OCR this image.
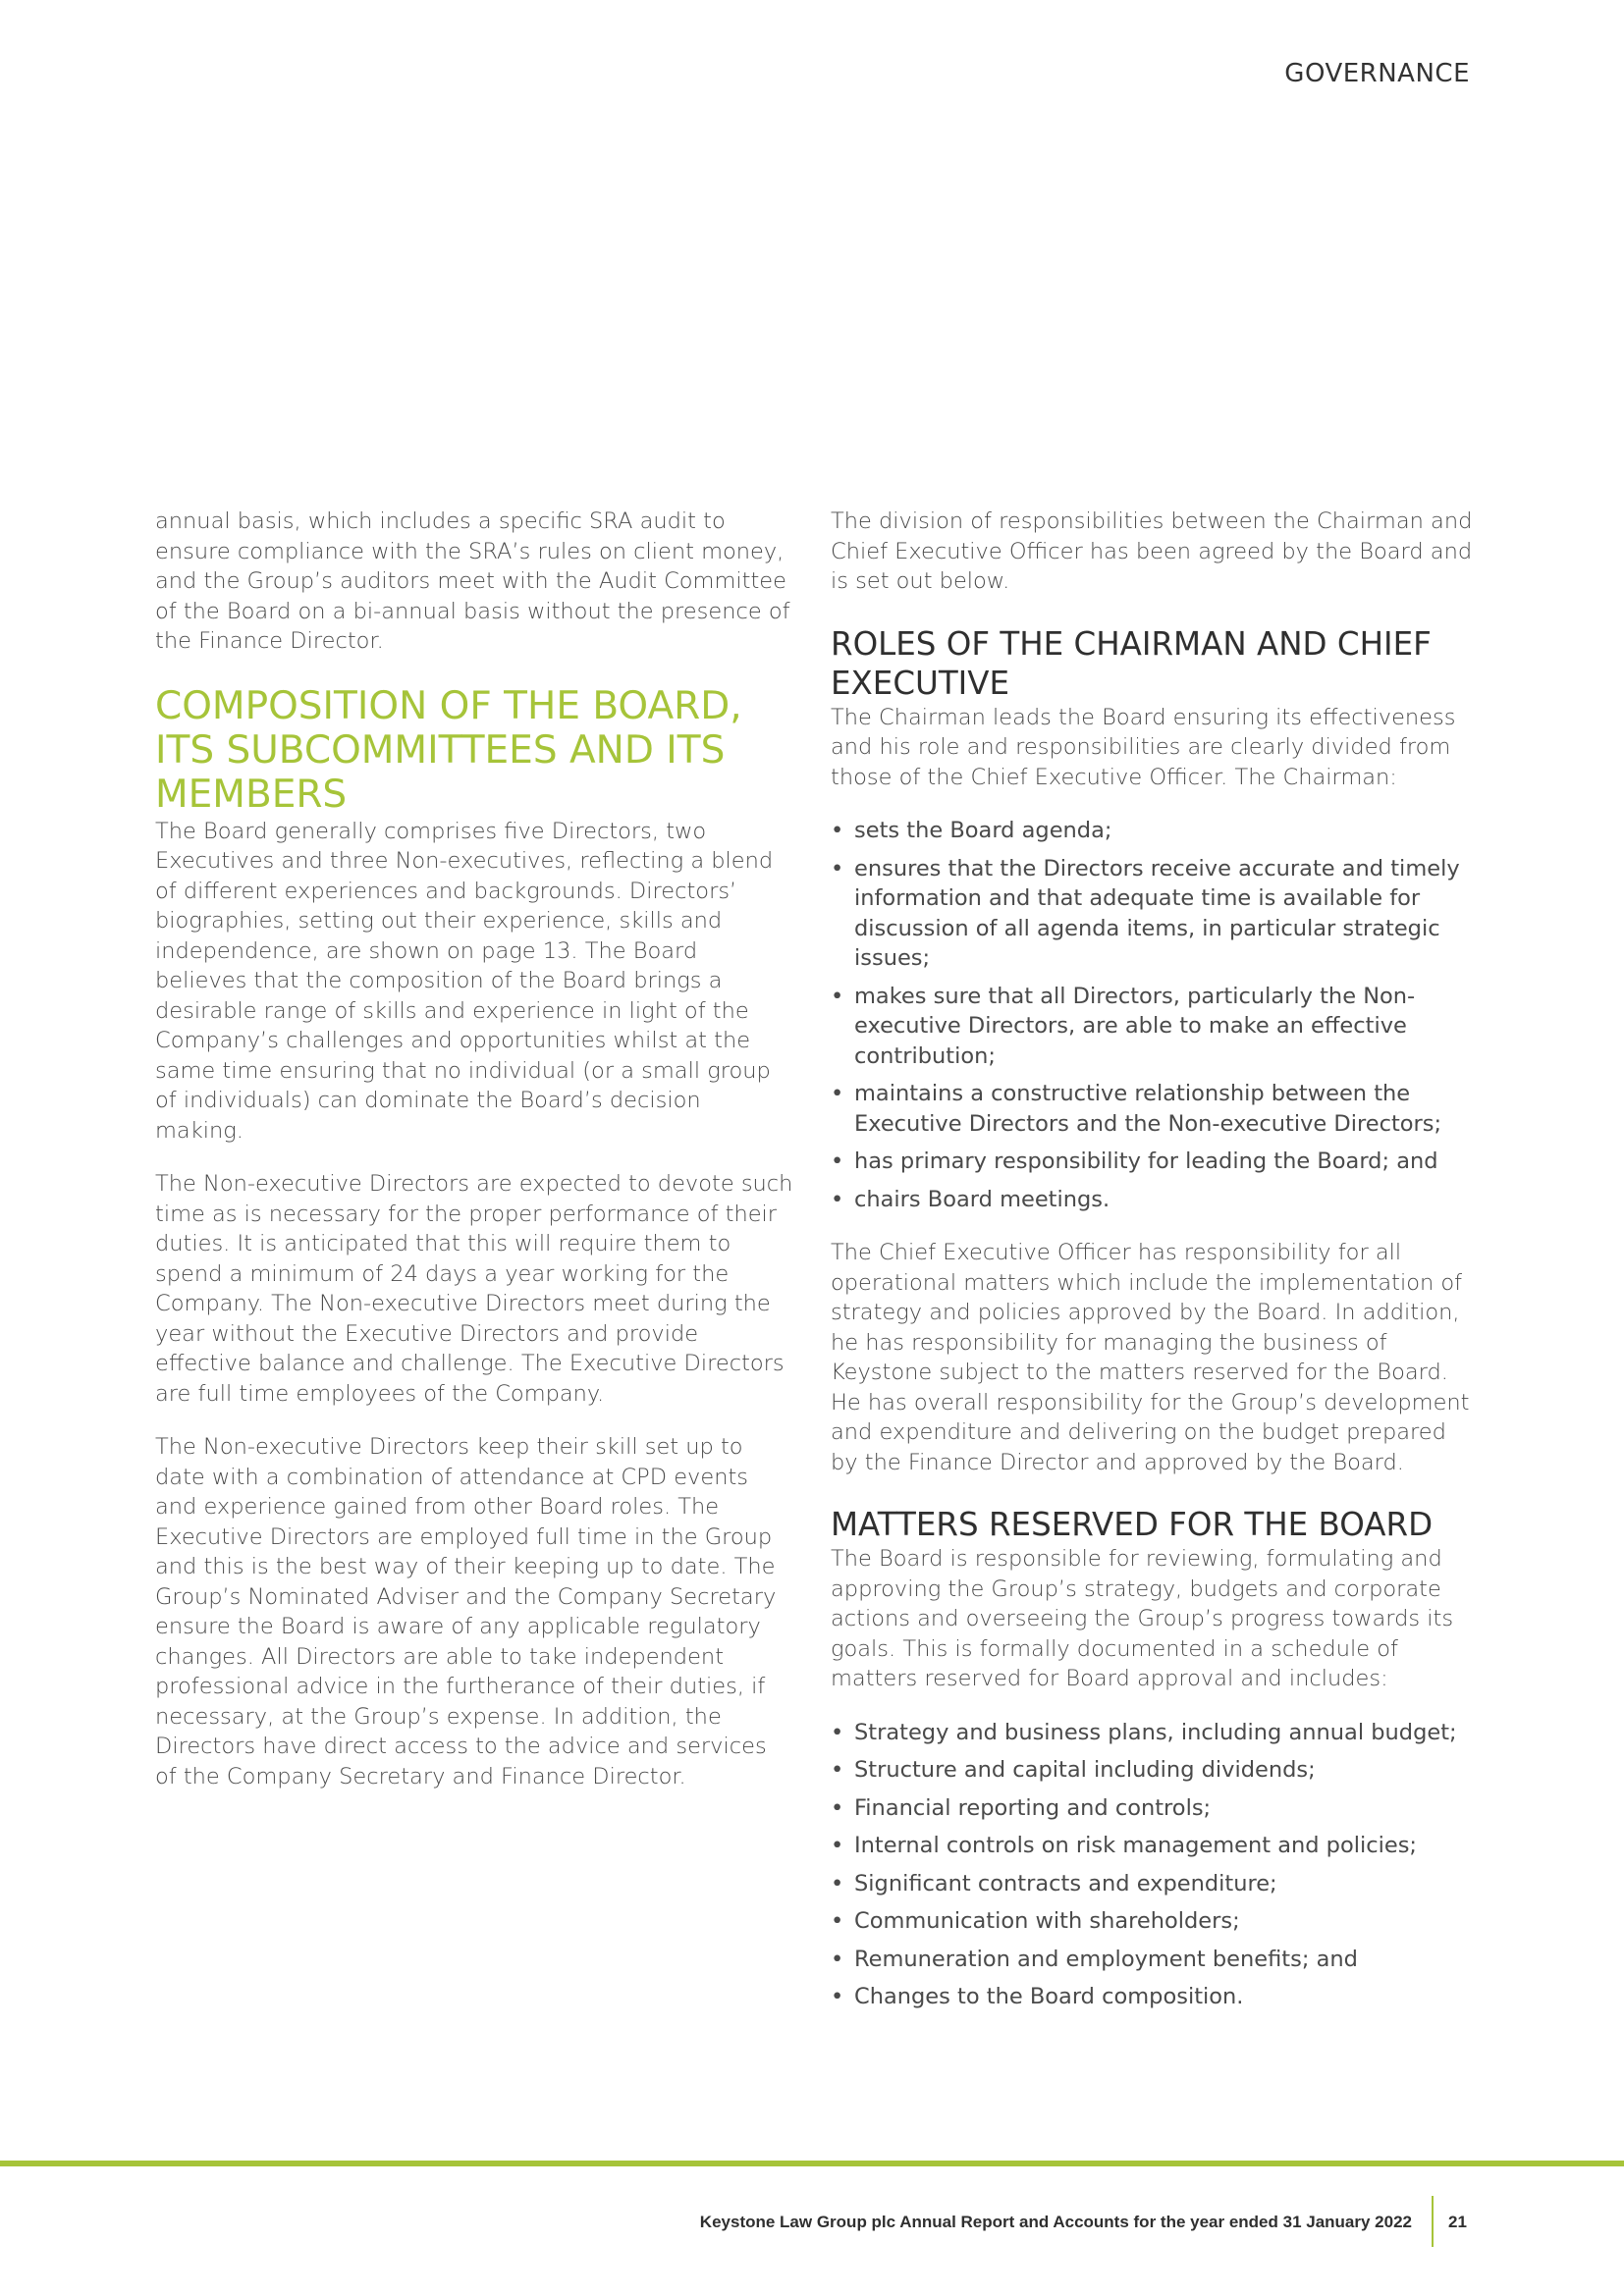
GOVERNANCE

annual basis, which includes a specific SRA audit to ensure compliance with the SRA’s rules on client money, and the Group’s auditors meet with the Audit Committee of the Board on a bi-annual basis without the presence of the Finance Director.

COMPOSITION OF THE BOARD, ITS SUBCOMMITTEES AND ITS MEMBERS

The Board generally comprises five Directors, two Executives and three Non-executives, reflecting a blend of different experiences and backgrounds. Directors’ biographies, setting out their experience, skills and independence, are shown on page 13. The Board believes that the composition of the Board brings a desirable range of skills and experience in light of the Company’s challenges and opportunities whilst at the same time ensuring that no individual (or a small group of individuals) can dominate the Board’s decision making.

The Non-executive Directors are expected to devote such time as is necessary for the proper performance of their duties. It is anticipated that this will require them to spend a minimum of 24 days a year working for the Company. The Non-executive Directors meet during the year without the Executive Directors and provide effective balance and challenge. The Executive Directors are full time employees of the Company.

The Non-executive Directors keep their skill set up to date with a combination of attendance at CPD events and experience gained from other Board roles. The Executive Directors are employed full time in the Group and this is the best way of their keeping up to date. The Group’s Nominated Adviser and the Company Secretary ensure the Board is aware of any applicable regulatory changes. All Directors are able to take independent professional advice in the furtherance of their duties, if necessary, at the Group’s expense. In addition, the Directors have direct access to the advice and services of the Company Secretary and Finance Director.

The division of responsibilities between the Chairman and Chief Executive Officer has been agreed by the Board and is set out below.

ROLES OF THE CHAIRMAN AND CHIEF EXECUTIVE

The Chairman leads the Board ensuring its effectiveness and his role and responsibilities are clearly divided from those of the Chief Executive Officer. The Chairman:

• sets the Board agenda;
• ensures that the Directors receive accurate and timely information and that adequate time is available for discussion of all agenda items, in particular strategic issues;
• makes sure that all Directors, particularly the Non-executive Directors, are able to make an effective contribution;
• maintains a constructive relationship between the Executive Directors and the Non-executive Directors;
• has primary responsibility for leading the Board; and
• chairs Board meetings.

The Chief Executive Officer has responsibility for all operational matters which include the implementation of strategy and policies approved by the Board. In addition, he has responsibility for managing the business of Keystone subject to the matters reserved for the Board. He has overall responsibility for the Group’s development and expenditure and delivering on the budget prepared by the Finance Director and approved by the Board.

MATTERS RESERVED FOR THE BOARD

The Board is responsible for reviewing, formulating and approving the Group’s strategy, budgets and corporate actions and overseeing the Group’s progress towards its goals. This is formally documented in a schedule of matters reserved for Board approval and includes:

• Strategy and business plans, including annual budget;
• Structure and capital including dividends;
• Financial reporting and controls;
• Internal controls on risk management and policies;
• Significant contracts and expenditure;
• Communication with shareholders;
• Remuneration and employment benefits; and
• Changes to the Board composition.
Keystone Law Group plc Annual Report and Accounts for the year ended 31 January 2022 21
